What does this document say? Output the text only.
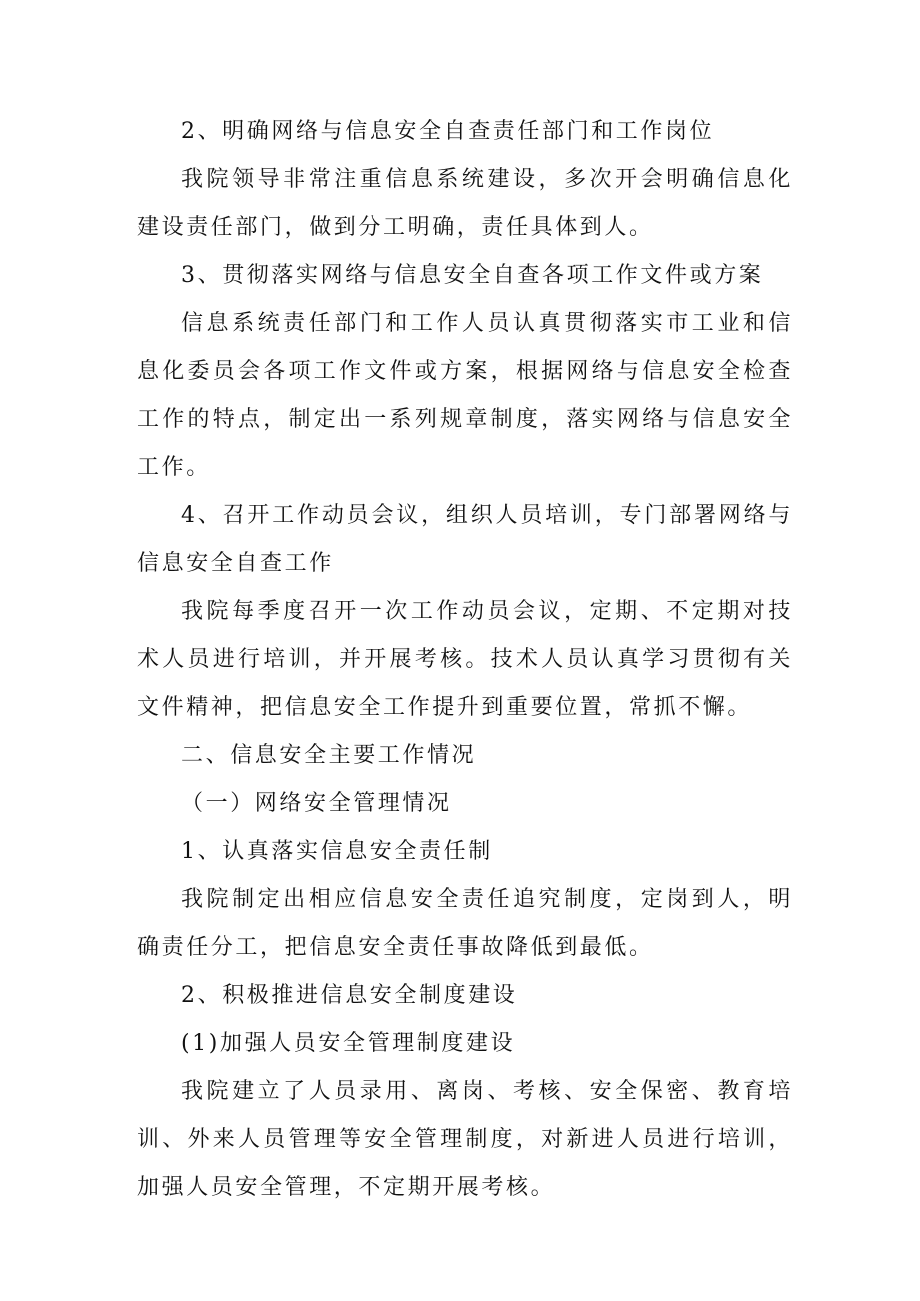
2、明确网络与信息安全自查责任部门和工作岗位

我院领导非常注重信息系统建设，多次开会明确信息化建设责任部门，做到分工明确，责任具体到人。

3、贯彻落实网络与信息安全自查各项工作文件或方案

信息系统责任部门和工作人员认真贯彻落实市工业和信息化委员会各项工作文件或方案，根据网络与信息安全检查工作的特点，制定出一系列规章制度，落实网络与信息安全工作。

4、召开工作动员会议，组织人员培训，专门部署网络与信息安全自查工作

我院每季度召开一次工作动员会议，定期、不定期对技术人员进行培训，并开展考核。技术人员认真学习贯彻有关文件精神，把信息安全工作提升到重要位置，常抓不懈。

二、信息安全主要工作情况

（一）网络安全管理情况

1、认真落实信息安全责任制

我院制定出相应信息安全责任追究制度，定岗到人，明确责任分工，把信息安全责任事故降低到最低。

2、积极推进信息安全制度建设

(1)加强人员安全管理制度建设

我院建立了人员录用、离岗、考核、安全保密、教育培训、外来人员管理等安全管理制度，对新进人员进行培训，加强人员安全管理，不定期开展考核。
